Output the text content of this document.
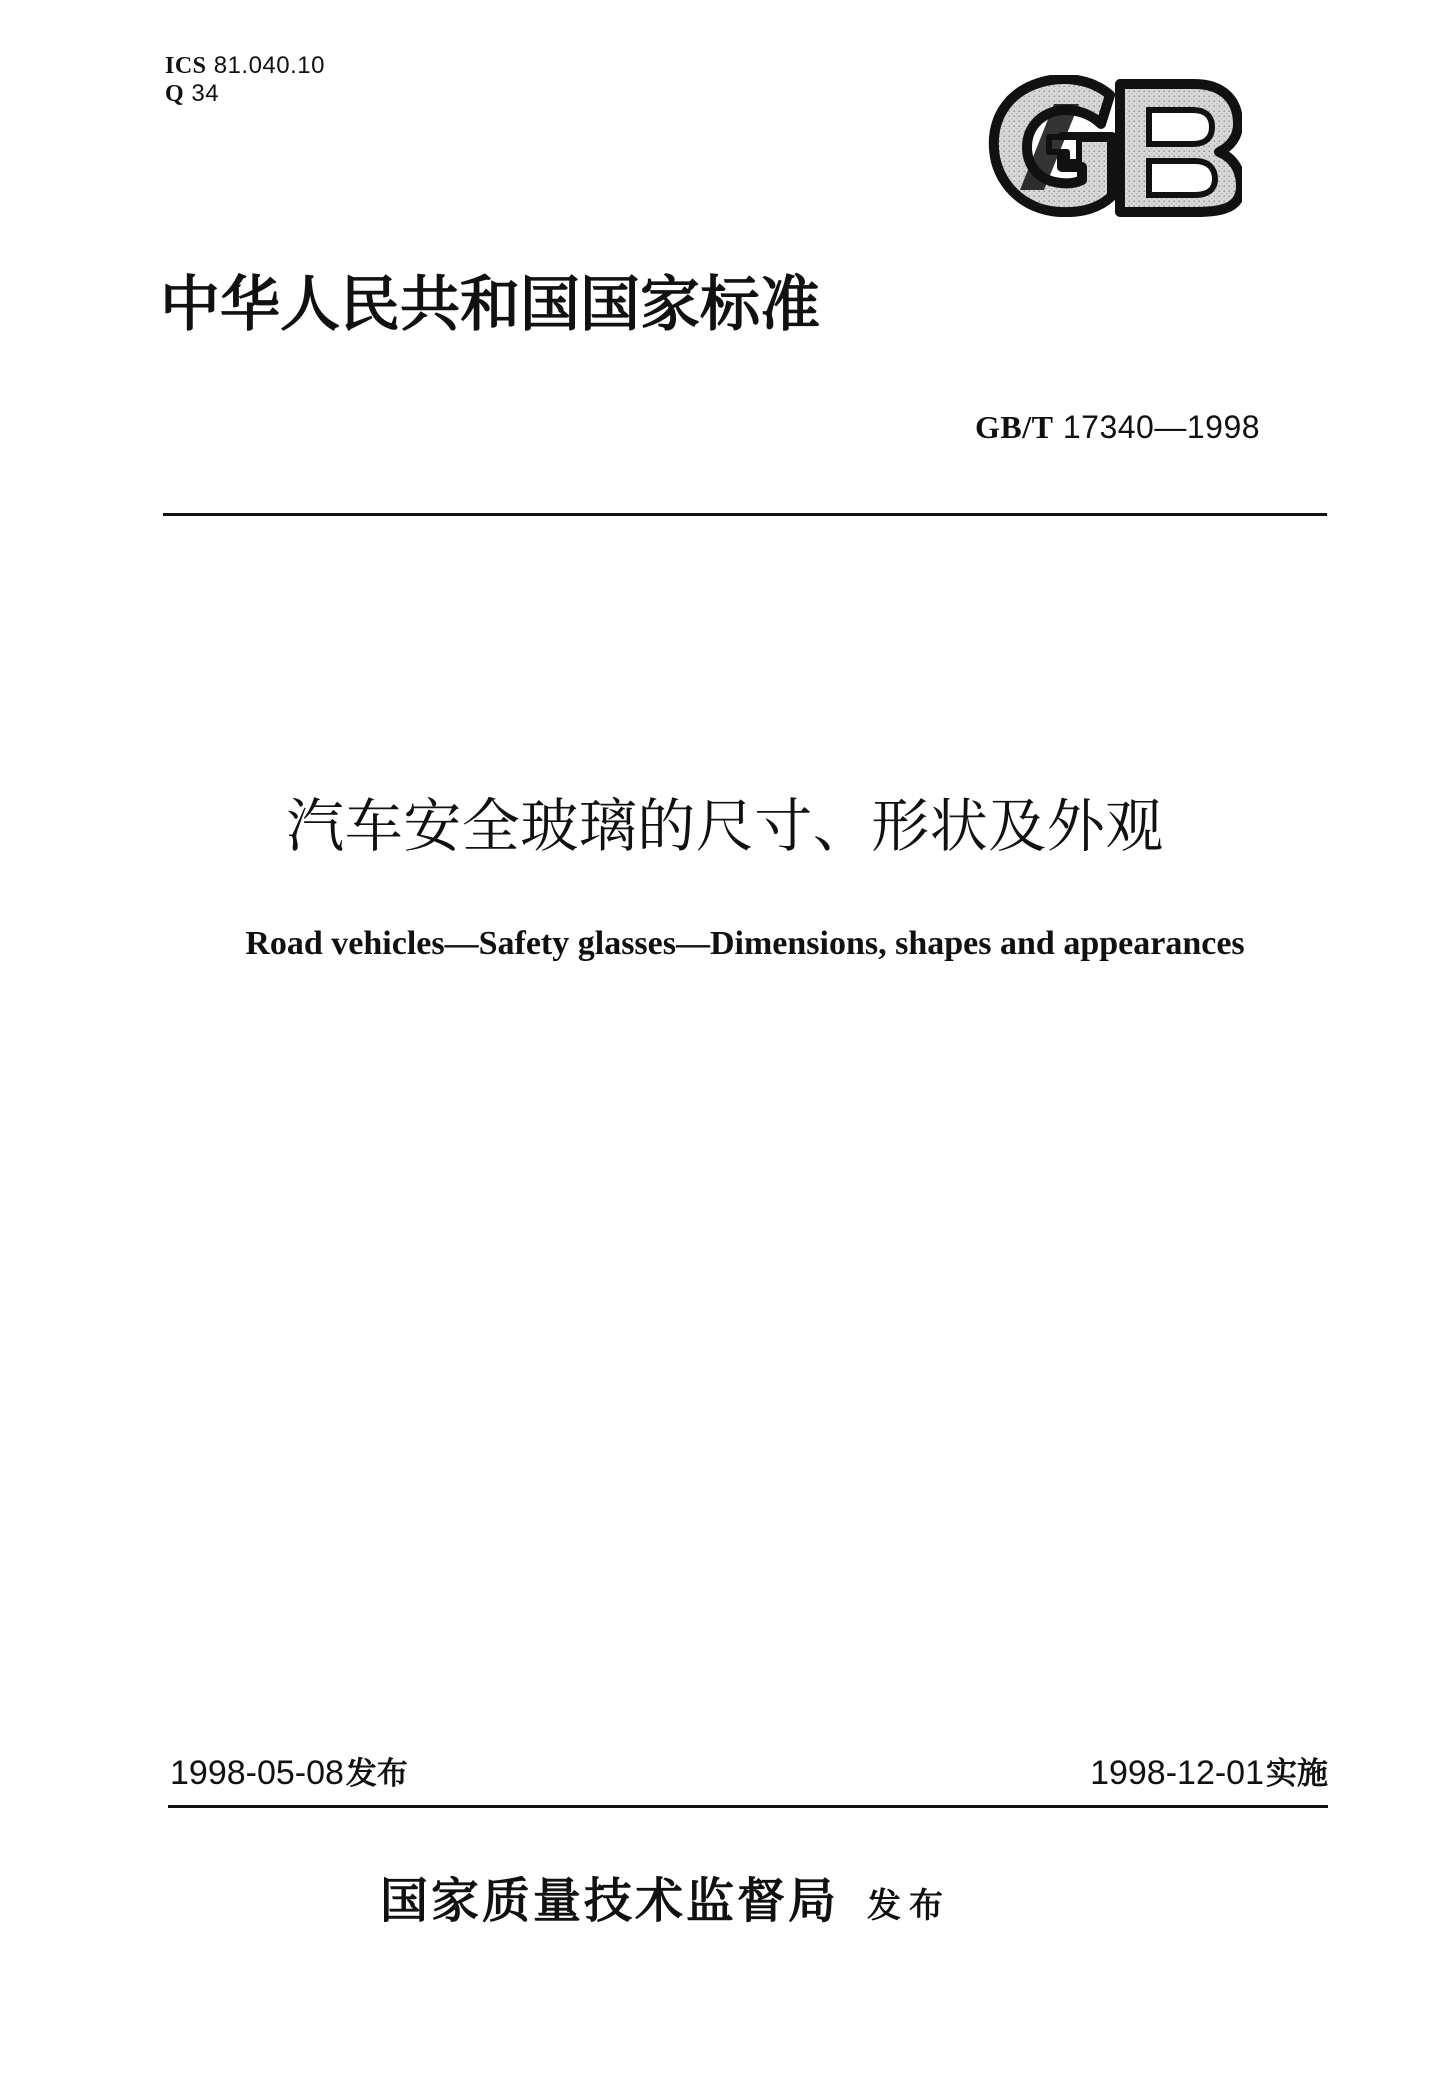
ICS 81.040.10
Q 34
中华人民共和国国家标准
GB/T 17340—1998
汽车安全玻璃的尺寸、形状及外观
Road vehicles—Safety glasses—Dimensions, shapes and appearances
1998-05-08发布	1998-12-01实施
国家质量技术监督局 发布
